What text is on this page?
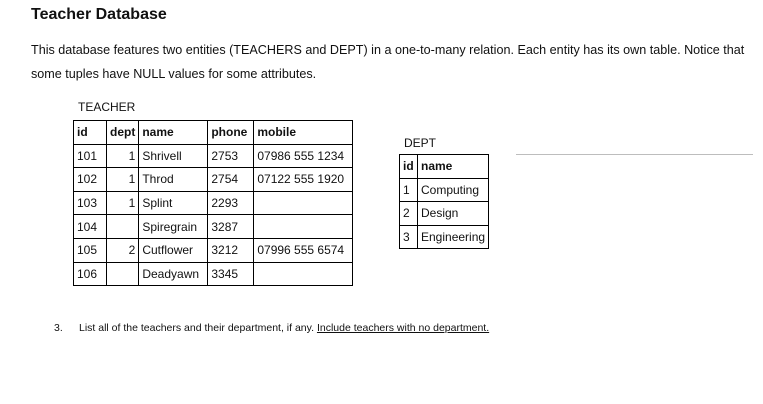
Teacher Database
This database features two entities (TEACHERS and DEPT) in a one-to-many relation. Each entity has its own table. Notice that some tuples have NULL values for some attributes.
TEACHER
id	dept	name	phone	mobile
101	1	Shrivell	2753	07986 555 1234
102	1	Throd	2754	07122 555 1920
103	1	Splint	2293	
104		Spiregrain	3287	
105	2	Cutflower	3212	07996 555 6574
106		Deadyawn	3345	
DEPT
id	name
1	Computing
2	Design
3	Engineering
3. List all of the teachers and their department, if any. Include teachers with no department.
